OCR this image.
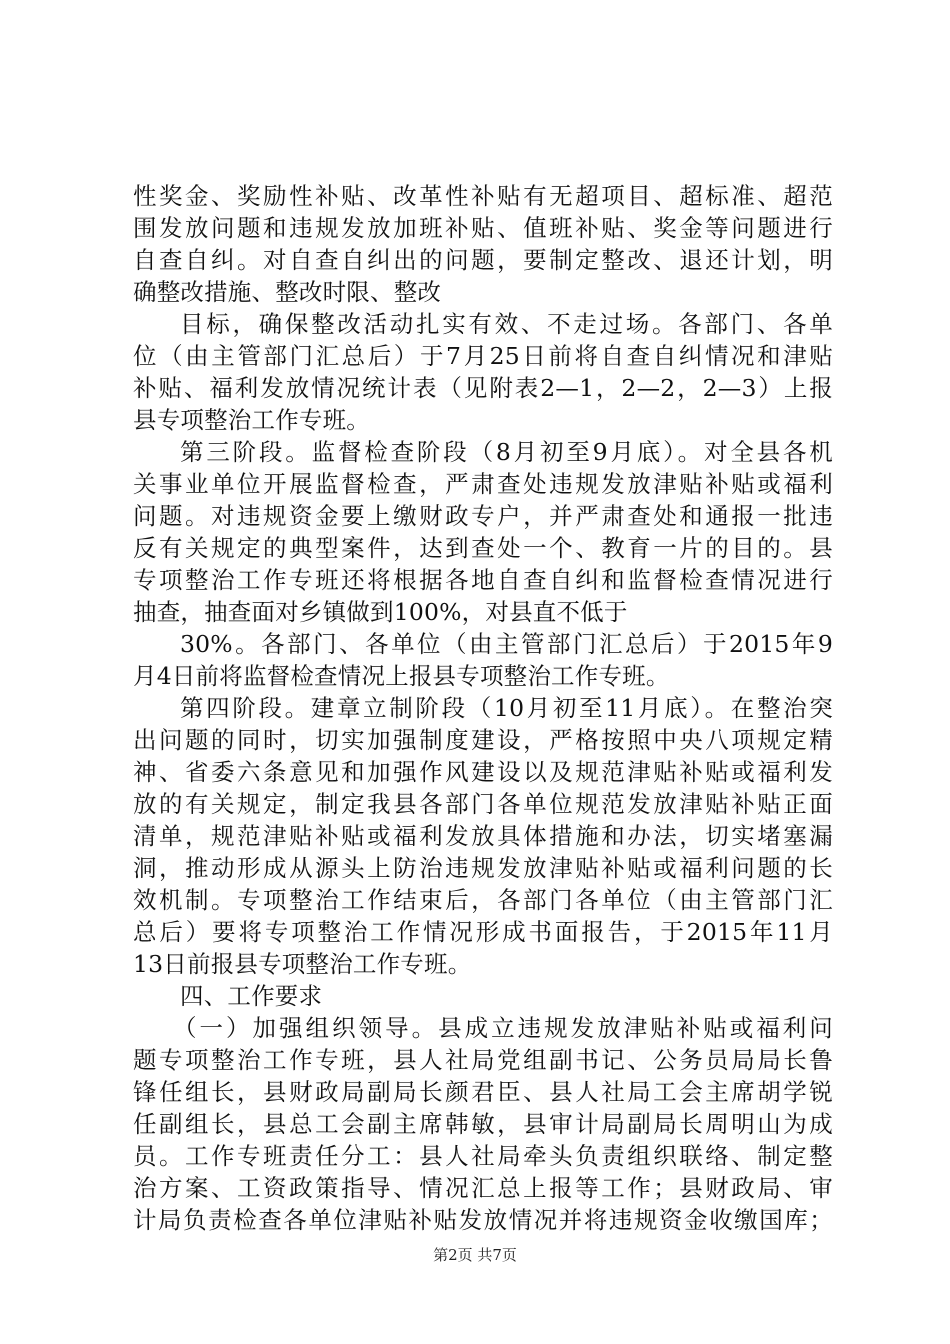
性奖金、奖励性补贴、改革性补贴有无超项目、超标准、超范
围发放问题和违规发放加班补贴、值班补贴、奖金等问题进行
自查自纠。对自查自纠出的问题，要制定整改、退还计划，明
确整改措施、整改时限、整改
目标，确保整改活动扎实有效、不走过场。各部门、各单
位（由主管部门汇总后）于7月25日前将自查自纠情况和津贴
补贴、福利发放情况统计表（见附表2—1，2—2，2—3）上报
县专项整治工作专班。
第三阶段。监督检查阶段（8月初至9月底）。对全县各机
关事业单位开展监督检查，严肃查处违规发放津贴补贴或福利
问题。对违规资金要上缴财政专户，并严肃查处和通报一批违
反有关规定的典型案件，达到查处一个、教育一片的目的。县
专项整治工作专班还将根据各地自查自纠和监督检查情况进行
抽查，抽查面对乡镇做到100%，对县直不低于
30%。各部门、各单位（由主管部门汇总后）于2015年9
月4日前将监督检查情况上报县专项整治工作专班。
第四阶段。建章立制阶段（10月初至11月底）。在整治突
出问题的同时，切实加强制度建设，严格按照中央八项规定精
神、省委六条意见和加强作风建设以及规范津贴补贴或福利发
放的有关规定，制定我县各部门各单位规范发放津贴补贴正面
清单，规范津贴补贴或福利发放具体措施和办法，切实堵塞漏
洞，推动形成从源头上防治违规发放津贴补贴或福利问题的长
效机制。专项整治工作结束后，各部门各单位（由主管部门汇
总后）要将专项整治工作情况形成书面报告，于2015年11月
13日前报县专项整治工作专班。
四、工作要求
（一）加强组织领导。县成立违规发放津贴补贴或福利问
题专项整治工作专班，县人社局党组副书记、公务员局局长鲁
锋任组长，县财政局副局长颜君臣、县人社局工会主席胡学锐
任副组长，县总工会副主席韩敏，县审计局副局长周明山为成
员。工作专班责任分工：县人社局牵头负责组织联络、制定整
治方案、工资政策指导、情况汇总上报等工作；县财政局、审
计局负责检查各单位津贴补贴发放情况并将违规资金收缴国库；
第2页 共7页
